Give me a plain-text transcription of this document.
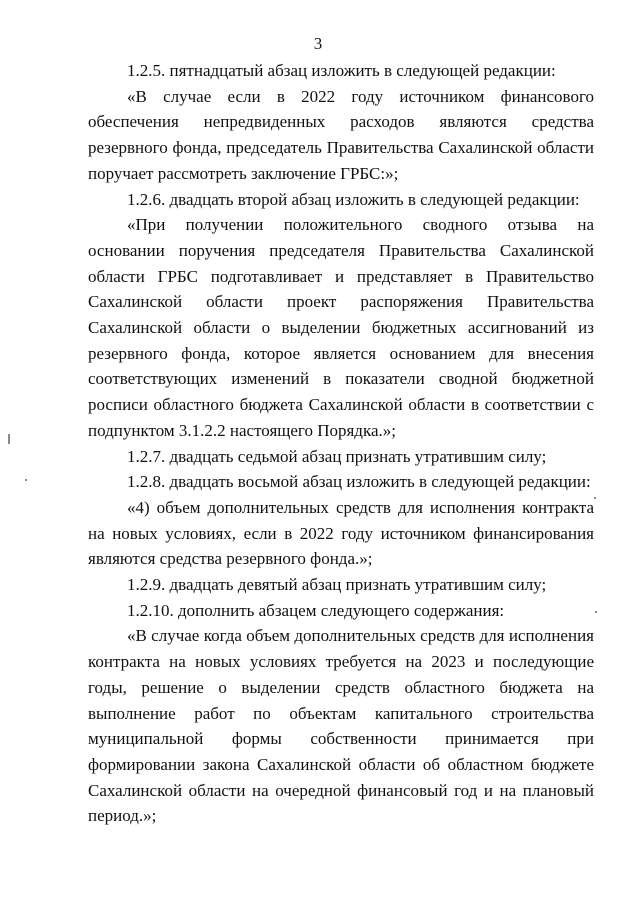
3

1.2.5. пятнадцатый абзац изложить в следующей редакции:

«В случае если в 2022 году источником финансового обеспечения непредвиденных расходов являются средства резервного фонда, председатель Правительства Сахалинской области поручает рассмотреть заключение ГРБС:»;

1.2.6. двадцать второй абзац изложить в следующей редакции:

«При получении положительного сводного отзыва на основании поручения председателя Правительства Сахалинской области ГРБС подготавливает и представляет в Правительство Сахалинской области проект распоряжения Правительства Сахалинской области о выделении бюджетных ассигнований из резервного фонда, которое является основанием для внесения соответствующих изменений в показатели сводной бюджетной росписи областного бюджета Сахалинской области в соответствии с подпунктом 3.1.2.2 настоящего Порядка.»;

1.2.7. двадцать седьмой абзац признать утратившим силу;

1.2.8. двадцать восьмой абзац изложить в следующей редакции:

«4) объем дополнительных средств для исполнения контракта на новых условиях, если в 2022 году источником финансирования являются средства резервного фонда.»;

1.2.9. двадцать девятый абзац признать утратившим силу;

1.2.10. дополнить абзацем следующего содержания:

«В случае когда объем дополнительных средств для исполнения контракта на новых условиях требуется на 2023 и последующие годы, решение о выделении средств областного бюджета на выполнение работ по объектам капитального строительства муниципальной формы собственности принимается при формировании закона Сахалинской области об областном бюджете Сахалинской области на очередной финансовый год и на плановый период.»;
